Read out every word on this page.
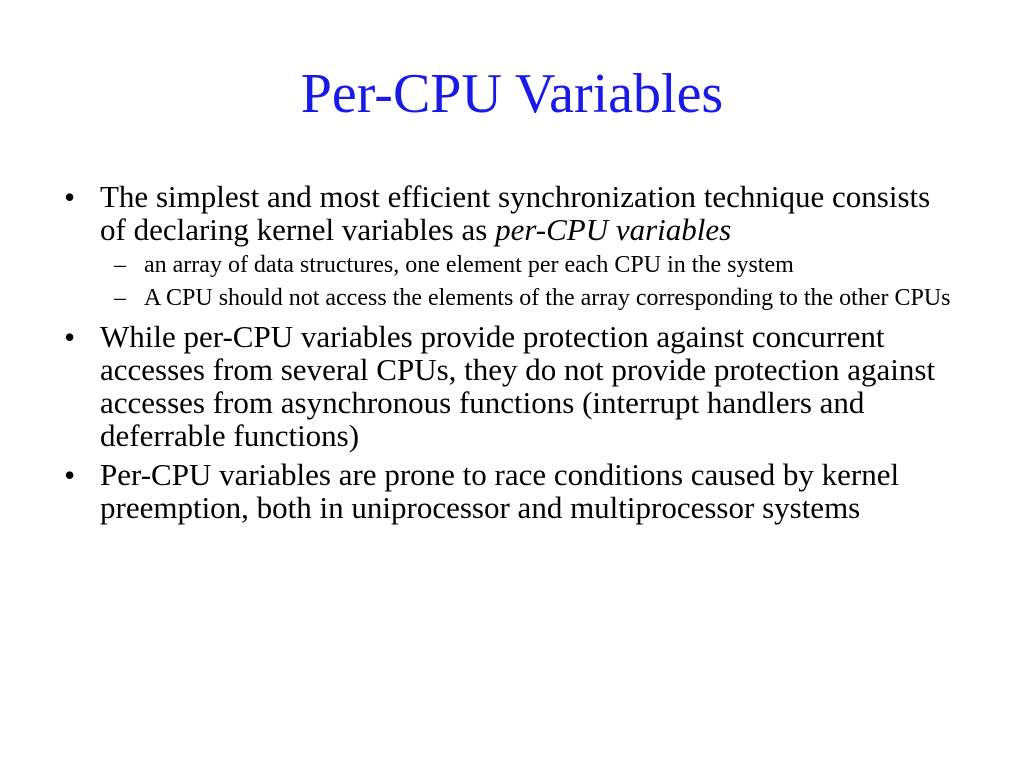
Per-CPU Variables
• The simplest and most efficient synchronization technique consists of declaring kernel variables as per-CPU variables
– an array of data structures, one element per each CPU in the system
– A CPU should not access the elements of the array corresponding to the other CPUs
• While per-CPU variables provide protection against concurrent accesses from several CPUs, they do not provide protection against accesses from asynchronous functions (interrupt handlers and deferrable functions)
• Per-CPU variables are prone to race conditions caused by kernel preemption, both in uniprocessor and multiprocessor systems
